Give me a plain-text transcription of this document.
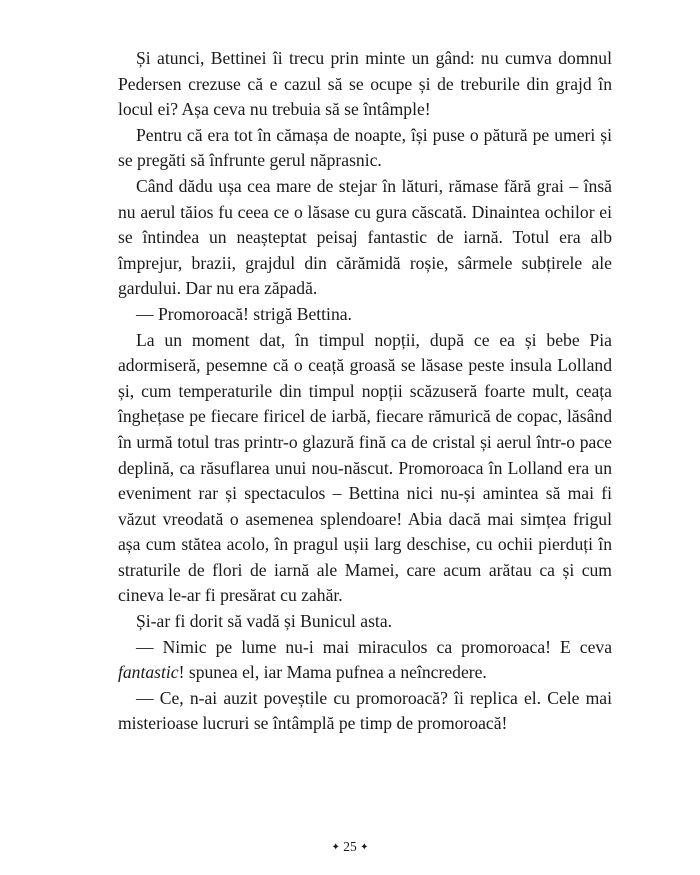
Și atunci, Bettinei îi trecu prin minte un gând: nu cumva domnul Pedersen crezuse că e cazul să se ocupe și de treburile din grajd în locul ei? Așa ceva nu trebuia să se întâmple!

Pentru că era tot în cămașa de noapte, își puse o pătură pe umeri și se pregăti să înfrunte gerul năprasnic.

Când dădu ușa cea mare de stejar în lături, rămase fără grai – însă nu aerul tăios fu ceea ce o lăsase cu gura căscată. Dinaintea ochilor ei se întindea un neașteptat peisaj fantastic de iarnă. Totul era alb împrejur, brazii, grajdul din cărămidă roșie, sârmele subțirele ale gardului. Dar nu era zăpadă.

— Promoroacă! strigă Bettina.

La un moment dat, în timpul nopții, după ce ea și bebe Pia adormiseră, pesemne că o ceață groasă se lăsase peste insula Lolland și, cum temperaturile din timpul nopții scăzuseră foarte mult, ceața înghețase pe fiecare firicel de iarbă, fiecare rămurică de copac, lăsând în urmă totul tras printr-o glazură fină ca de cristal și aerul într-o pace deplină, ca răsuflarea unui nou-născut. Promoroaca în Lolland era un eveniment rar și spectaculos – Bettina nici nu-și amintea să mai fi văzut vreodată o asemenea splendoare! Abia dacă mai simțea frigul așa cum stătea acolo, în pragul ușii larg deschise, cu ochii pierduți în straturile de flori de iarnă ale Mamei, care acum arătau ca și cum cineva le-ar fi presărat cu zahăr.

Și-ar fi dorit să vadă și Bunicul asta.

— Nimic pe lume nu-i mai miraculos ca promoroaca! E ceva fantastic! spunea el, iar Mama pufnea a neîncredere.

— Ce, n-ai auzit poveștile cu promoroacă? îi replica el. Cele mai misterioase lucruri se întâmplă pe timp de promoroacă!

✦ 25 ✦
